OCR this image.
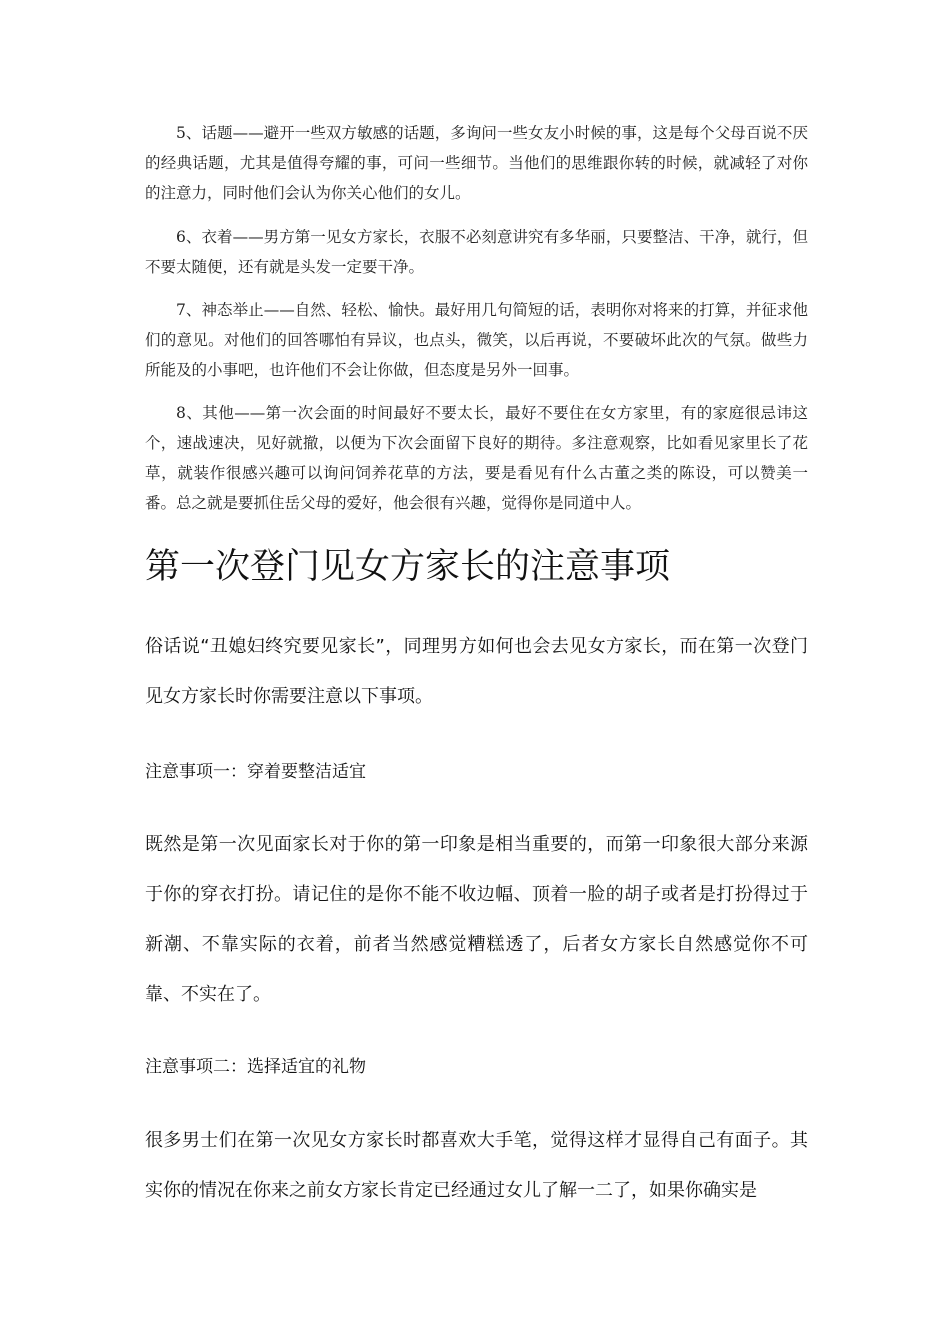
5、话题——避开一些双方敏感的话题，多询问一些女友小时候的事，这是每个父母百说不厌的经典话题，尤其是值得夸耀的事，可问一些细节。当他们的思维跟你转的时候，就减轻了对你的注意力，同时他们会认为你关心他们的女儿。

6、衣着——男方第一见女方家长，衣服不必刻意讲究有多华丽，只要整洁、干净，就行，但不要太随便，还有就是头发一定要干净。

7、神态举止——自然、轻松、愉快。最好用几句简短的话，表明你对将来的打算，并征求他们的意见。对他们的回答哪怕有异议，也点头，微笑，以后再说，不要破坏此次的气氛。做些力所能及的小事吧，也许他们不会让你做，但态度是另外一回事。

8、其他——第一次会面的时间最好不要太长，最好不要住在女方家里，有的家庭很忌讳这个，速战速决，见好就撤，以便为下次会面留下良好的期待。多注意观察，比如看见家里长了花草，就装作很感兴趣可以询问饲养花草的方法，要是看见有什么古董之类的陈设，可以赞美一番。总之就是要抓住岳父母的爱好，他会很有兴趣，觉得你是同道中人。

第一次登门见女方家长的注意事项

俗话说“丑媳妇终究要见家长”，同理男方如何也会去见女方家长，而在第一次登门见女方家长时你需要注意以下事项。

注意事项一：穿着要整洁适宜

既然是第一次见面家长对于你的第一印象是相当重要的，而第一印象很大部分来源于你的穿衣打扮。请记住的是你不能不收边幅、顶着一脸的胡子或者是打扮得过于新潮、不靠实际的衣着，前者当然感觉糟糕透了，后者女方家长自然感觉你不可靠、不实在了。

注意事项二：选择适宜的礼物

很多男士们在第一次见女方家长时都喜欢大手笔，觉得这样才显得自己有面子。其实你的情况在你来之前女方家长肯定已经通过女儿了解一二了，如果你确实是
